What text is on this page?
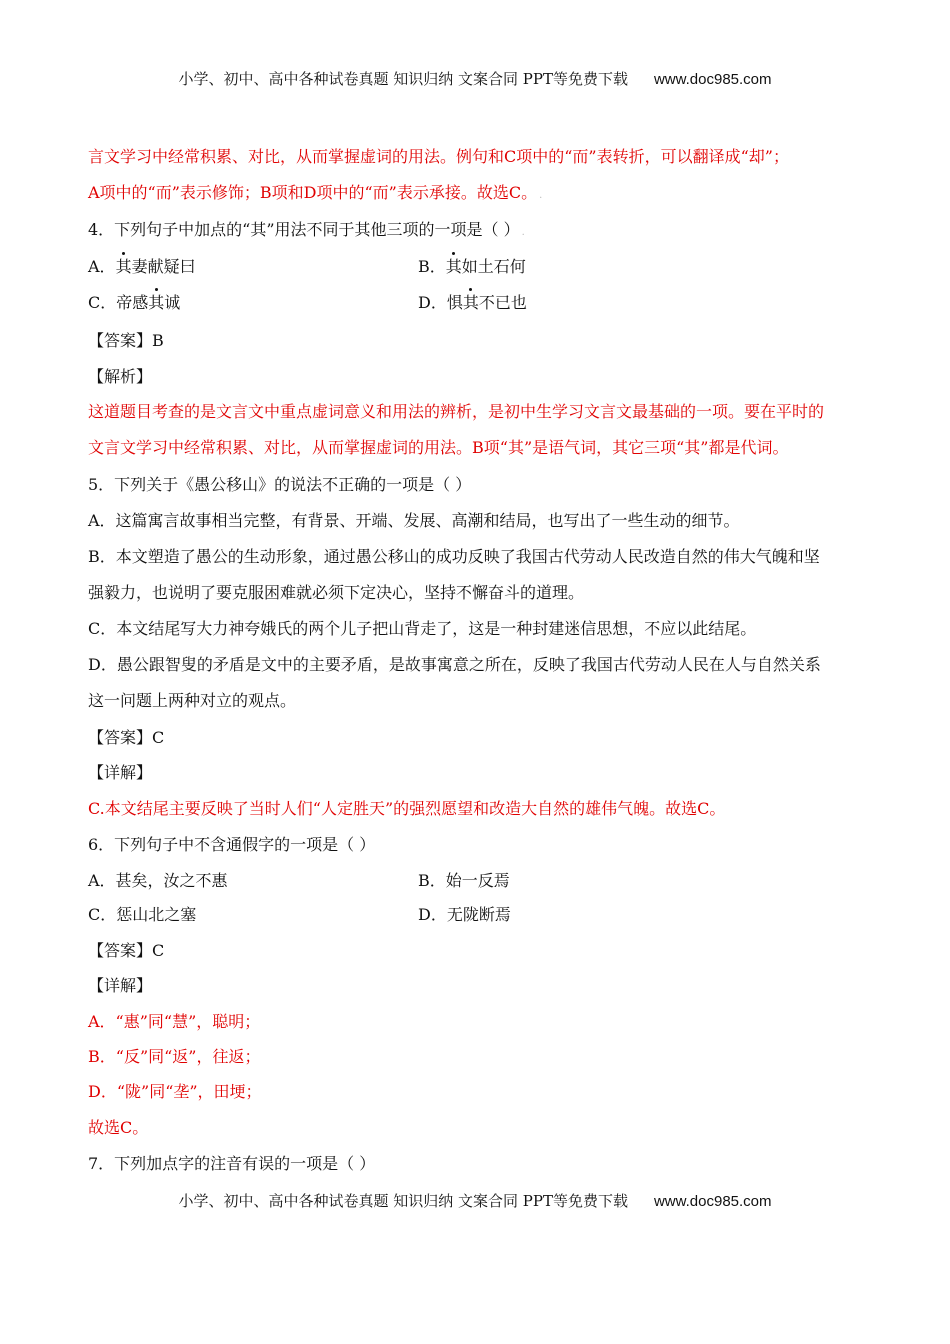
小学、初中、高中各种试卷真题 知识归纳 文案合同 PPT等免费下载 www.doc985.com
言文学习中经常积累、对比，从而掌握虚词的用法。例句和C项中的“而”表转折，可以翻译成“却”；
A项中的“而”表示修饰；B项和D项中的“而”表示承接。故选C。 .
4．下列句子中加点的“其”用法不同于其他三项的一项是（ ） .
A．其妻献疑曰	B．其如土石何
C．帝感其诚	D．惧其不已也
【答案】B
【解析】
这道题目考查的是文言文中重点虚词意义和用法的辨析，是初中生学习文言文最基础的一项。要在平时的
文言文学习中经常积累、对比，从而掌握虚词的用法。B项“其”是语气词，其它三项“其”都是代词。
5．下列关于《愚公移山》的说法不正确的一项是（ ）
A．这篇寓言故事相当完整，有背景、开端、发展、高潮和结局，也写出了一些生动的细节。
B．本文塑造了愚公的生动形象，通过愚公移山的成功反映了我国古代劳动人民改造自然的伟大气魄和坚
强毅力，也说明了要克服困难就必须下定决心，坚持不懈奋斗的道理。
C．本文结尾写大力神夸娥氏的两个儿子把山背走了，这是一种封建迷信思想，不应以此结尾。
D．愚公跟智叟的矛盾是文中的主要矛盾，是故事寓意之所在，反映了我国古代劳动人民在人与自然关系
这一问题上两种对立的观点。
【答案】C
【详解】
C.本文结尾主要反映了当时人们“人定胜天”的强烈愿望和改造大自然的雄伟气魄。故选C。
6．下列句子中不含通假字的一项是（ ）
A．甚矣，汝之不惠	B．始一反焉
C．惩山北之塞	D．无陇断焉
【答案】C
【详解】
A．“惠”同“慧”，聪明；
B．“反”同“返”，往返；
D．“陇”同“垄”，田埂；
故选C。
7．下列加点字的注音有误的一项是（ ）
小学、初中、高中各种试卷真题 知识归纳 文案合同 PPT等免费下载 www.doc985.com
